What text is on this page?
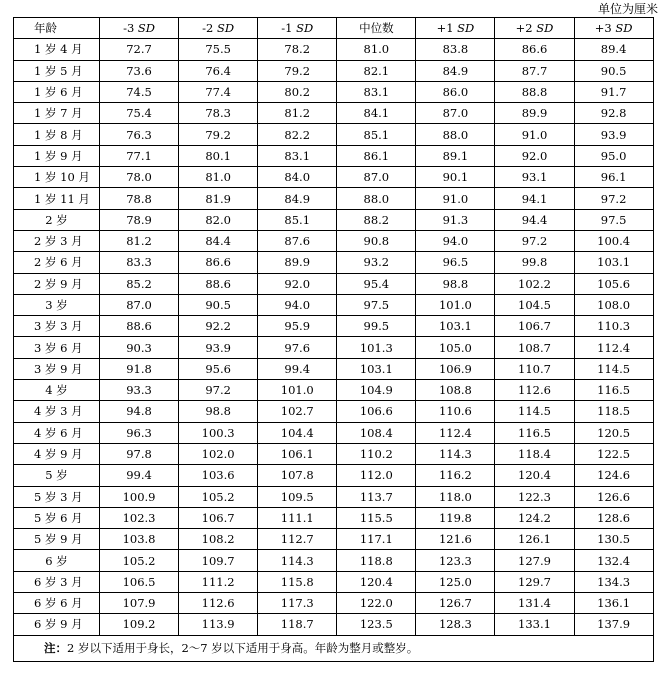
单位为厘米
年龄	-3 SD	-2 SD	-1 SD	中位数	+1 SD	+2 SD	+3 SD
1 岁 4 月	72.7	75.5	78.2	81.0	83.8	86.6	89.4
1 岁 5 月	73.6	76.4	79.2	82.1	84.9	87.7	90.5
1 岁 6 月	74.5	77.4	80.2	83.1	86.0	88.8	91.7
1 岁 7 月	75.4	78.3	81.2	84.1	87.0	89.9	92.8
1 岁 8 月	76.3	79.2	82.2	85.1	88.0	91.0	93.9
1 岁 9 月	77.1	80.1	83.1	86.1	89.1	92.0	95.0
1 岁 10 月	78.0	81.0	84.0	87.0	90.1	93.1	96.1
1 岁 11 月	78.8	81.9	84.9	88.0	91.0	94.1	97.2
2 岁	78.9	82.0	85.1	88.2	91.3	94.4	97.5
2 岁 3 月	81.2	84.4	87.6	90.8	94.0	97.2	100.4
2 岁 6 月	83.3	86.6	89.9	93.2	96.5	99.8	103.1
2 岁 9 月	85.2	88.6	92.0	95.4	98.8	102.2	105.6
3 岁	87.0	90.5	94.0	97.5	101.0	104.5	108.0
3 岁 3 月	88.6	92.2	95.9	99.5	103.1	106.7	110.3
3 岁 6 月	90.3	93.9	97.6	101.3	105.0	108.7	112.4
3 岁 9 月	91.8	95.6	99.4	103.1	106.9	110.7	114.5
4 岁	93.3	97.2	101.0	104.9	108.8	112.6	116.5
4 岁 3 月	94.8	98.8	102.7	106.6	110.6	114.5	118.5
4 岁 6 月	96.3	100.3	104.4	108.4	112.4	116.5	120.5
4 岁 9 月	97.8	102.0	106.1	110.2	114.3	118.4	122.5
5 岁	99.4	103.6	107.8	112.0	116.2	120.4	124.6
5 岁 3 月	100.9	105.2	109.5	113.7	118.0	122.3	126.6
5 岁 6 月	102.3	106.7	111.1	115.5	119.8	124.2	128.6
5 岁 9 月	103.8	108.2	112.7	117.1	121.6	126.1	130.5
6 岁	105.2	109.7	114.3	118.8	123.3	127.9	132.4
6 岁 3 月	106.5	111.2	115.8	120.4	125.0	129.7	134.3
6 岁 6 月	107.9	112.6	117.3	122.0	126.7	131.4	136.1
6 岁 9 月	109.2	113.9	118.7	123.5	128.3	133.1	137.9
注：2 岁以下适用于身长，2〜7 岁以下适用于身高。年龄为整月或整岁。							
